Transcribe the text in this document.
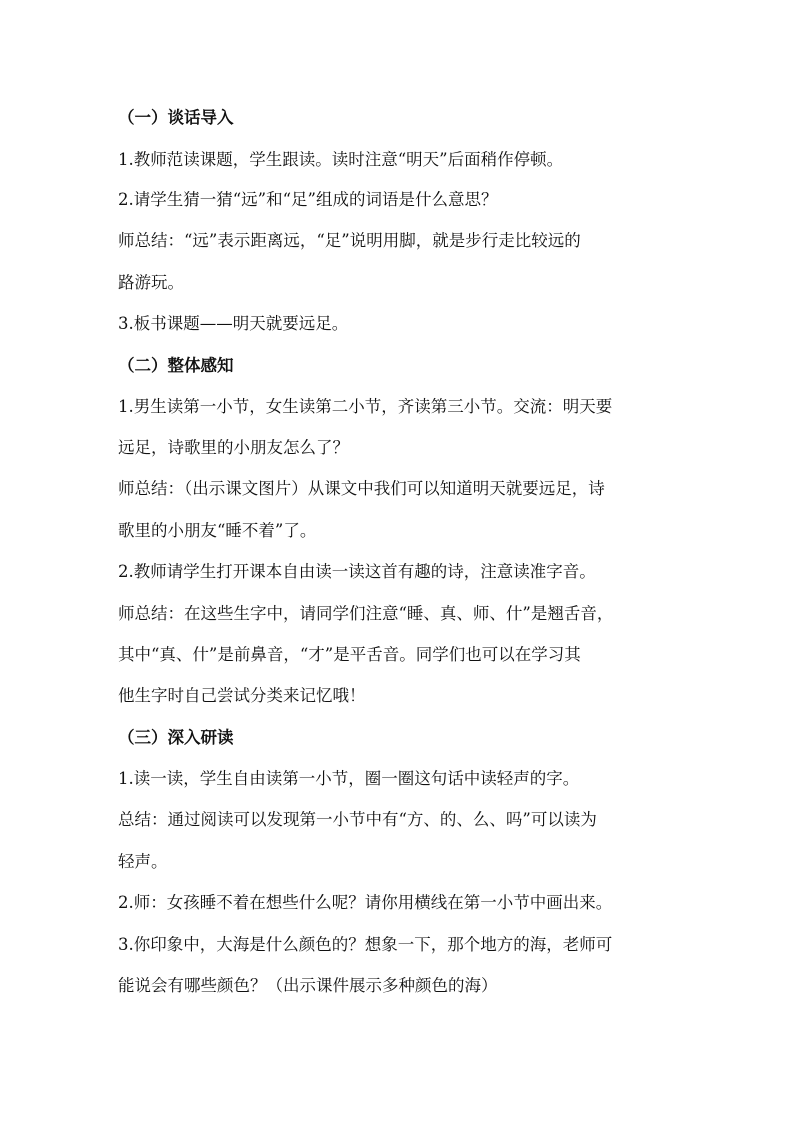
（一）谈话导入
1.教师范读课题，学生跟读。读时注意“明天”后面稍作停顿。
2.请学生猜一猜“远”和“足”组成的词语是什么意思？
师总结：“远”表示距离远，“足”说明用脚，就是步行走比较远的
路游玩。
3.板书课题——明天就要远足。
（二）整体感知
1.男生读第一小节，女生读第二小节，齐读第三小节。交流：明天要
远足，诗歌里的小朋友怎么了？
师总结：（出示课文图片）从课文中我们可以知道明天就要远足，诗
歌里的小朋友“睡不着”了。
2.教师请学生打开课本自由读一读这首有趣的诗，注意读准字音。
师总结：在这些生字中，请同学们注意“睡、真、师、什”是翘舌音，
其中“真、什”是前鼻音，“才”是平舌音。同学们也可以在学习其
他生字时自己尝试分类来记忆哦！
（三）深入研读
1.读一读，学生自由读第一小节，圈一圈这句话中读轻声的字。
总结：通过阅读可以发现第一小节中有“方、的、么、吗”可以读为
轻声。
2.师：女孩睡不着在想些什么呢？请你用横线在第一小节中画出来。
3.你印象中，大海是什么颜色的？想象一下，那个地方的海，老师可
能说会有哪些颜色？（出示课件展示多种颜色的海）
